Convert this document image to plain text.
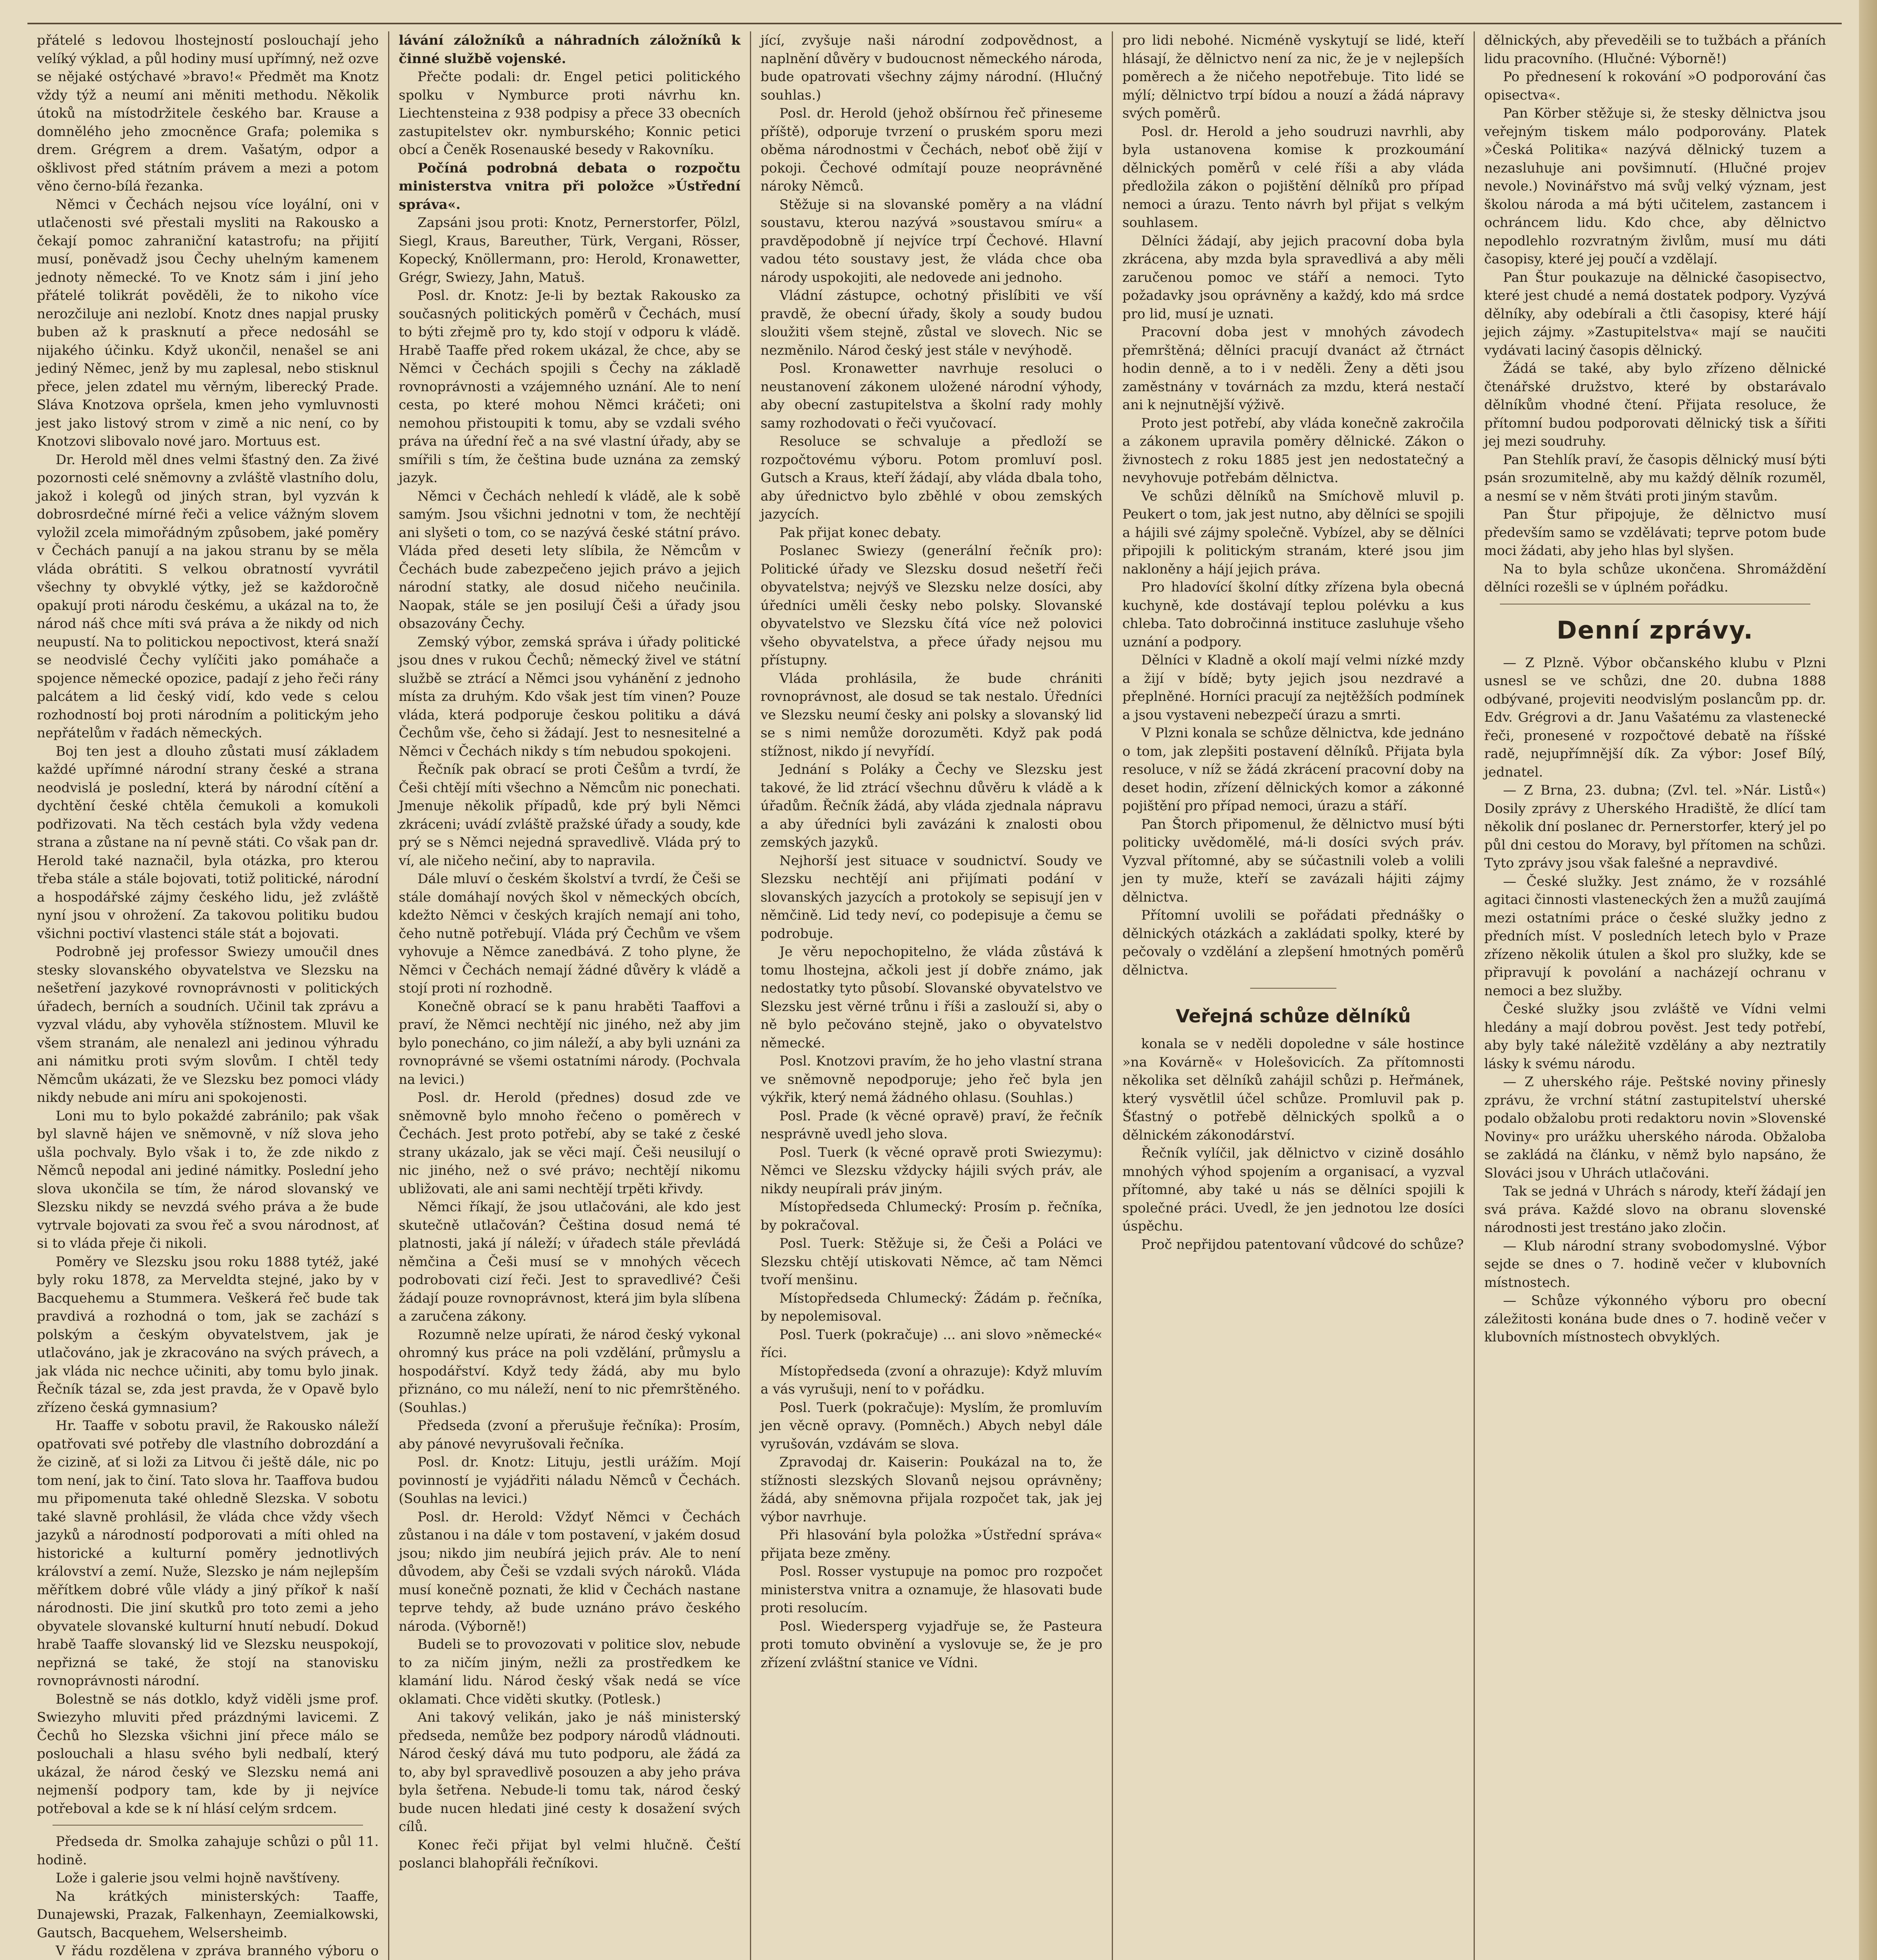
přátelé s ledovou lhostejností poslouchají jeho velíký výklad, a půl hodiny musí upřímný, než ozve se nějaké ostýchavé »bravo!« Předmět ma Knotz vždy týž a neumí ani měniti methodu. Několik útoků na místodržitele českého bar. Krause a domnělého jeho zmocněnce Grafa; polemika s drem. Grégrem a drem. Vašatým, odpor a ošklivost před státním právem a mezi a potom věno černo-bílá řezanka.

Němci v Čechách nejsou více loyální, oni v utlačenosti své přestali mysliti na Rakousko a čekají pomoc zahraniční katastrofu; na přijití musí, poněvadž jsou Čechy uhelným kamenem jednoty německé. To ve Knotz sám i jiní jeho přátelé tolikrát pověděli, že to nikoho více nerozčiluje ani nezlobí. Knotz dnes napjal prusky buben až k prasknutí a přece nedosáhl se nijakého účinku. Když ukončil, nenašel se ani jediný Němec, jenž by mu zaplesal, nebo stisknul přece, jelen zdatel mu věrným, liberecký Prade. Sláva Knotzova opršela, kmen jeho vymluvnosti jest jako listový strom v zimě a nic není, co by Knotzovi slibovalo nové jaro. Mortuus est.

Dr. Herold měl dnes velmi šťastný den. Za živé pozornosti celé sněmovny a zvláště vlastního dolu, jakož i kolegů od jiných stran, byl vyzván k dobrosrdečné mírné řeči a velice vážným slovem vyložil zcela mimořádným způsobem, jaké poměry v Čechách panují a na jakou stranu by se měla vláda obrátiti. S velkou obratností vyvrátil všechny ty obvyklé výtky, jež se každoročně opakují proti národu českému, a ukázal na to, že národ náš chce míti svá práva a že nikdy od nich neupustí. Na to politickou nepoctivost, která snaží se neodvislé Čechy vylíčiti jako pomáhače a spojence německé opozice, padají z jeho řeči rány palcátem a lid český vidí, kdo vede s celou rozhodností boj proti národním a politickým jeho nepřátelům v řadách německých.

Boj ten jest a dlouho zůstati musí základem každé upřímné národní strany české a strana neodvislá je poslední, která by národní cítění a dychtění české chtěla čemukoli a komukoli podřizovati. Na těch cestách byla vždy vedena strana a zůstane na ní pevně státi. Co však pan dr. Herold také naznačil, byla otázka, pro kterou třeba stále a stále bojovati, totiž politické, národní a hospodářské zájmy českého lidu, jež zvláště nyní jsou v ohrožení. Za takovou politiku budou všichni poctiví vlastenci stále stát a bojovati.

Podrobně jej professor Swiezy umoučil dnes stesky slovanského obyvatelstva ve Slezsku na nešetření jazykové rovnoprávnosti v politických úřadech, berních a soudních. Učinil tak zprávu a vyzval vládu, aby vyhověla stížnostem. Mluvil ke všem stranám, ale nenalezl ani jedinou výhradu ani námitku proti svým slovům. I chtěl tedy Němcům ukázati, že ve Slezsku bez pomoci vlády nikdy nebude ani míru ani spokojenosti.

Loni mu to bylo pokaždé zabránilo; pak však byl slavně hájen ve sněmovně, v níž slova jeho ušla pochvaly. Bylo však i to, že zde nikdo z Němců nepodal ani jediné námitky. Poslední jeho slova ukončila se tím, že národ slovanský ve Slezsku nikdy se nevzdá svého práva a že bude vytrvale bojovati za svou řeč a svou národnost, ať si to vláda přeje či nikoli.

Poměry ve Slezsku jsou roku 1888 tytéž, jaké byly roku 1878, za Merveldta stejné, jako by v Bacquehemu a Stummera. Veškerá řeč bude tak pravdivá a rozhodná o tom, jak se zachází s polským a českým obyvatelstvem, jak je utlačováno, jak je zkracováno na svých právech, a jak vláda nic nechce učiniti, aby tomu bylo jinak. Řečník tázal se, zda jest pravda, že v Opavě bylo zřízeno česká gymnasium?

Hr. Taaffe v sobotu pravil, že Rakousko náleží opatřovati své potřeby dle vlastního dobrozdání a že cizině, ať si loži za Litvou či ještě dále, nic po tom není, jak to činí. Tato slova hr. Taaffova budou mu připomenuta také ohledně Slezska. V sobotu také slavně prohlásil, že vláda chce vždy všech jazyků a národností podporovati a míti ohled na historické a kulturní poměry jednotlivých království a zemí. Nuže, Slezsko je nám nejlepším měřítkem dobré vůle vlády a jiný příkoř k naší národnosti. Die jiní skutků pro toto zemi a jeho obyvatele slovanské kulturní hnutí nebudí. Dokud hrabě Taaffe slovanský lid ve Slezsku neuspokojí, nepřizná se také, že stojí na stanovisku rovnoprávnosti národní.

Bolestně se nás dotklo, když viděli jsme prof. Swiezyho mluviti před prázdnými lavicemi. Z Čechů ho Slezska všichni jiní přece málo se poslouchali a hlasu svého byli nedbalí, který ukázal, že národ český ve Slezsku nemá ani nejmenší podpory tam, kde by ji nejvíce potřeboval a kde se k ní hlásí celým srdcem.

Předseda dr. Smolka zahajuje schůzi o půl 11. hodině.

Lože i galerie jsou velmi hojně navštíveny.

Na krátkých ministerských: Taaffe, Dunajewski, Prazak, Falkenhayn, Zeemialkowski, Gautsch, Bacquehem, Welsersheimb.

V řádu rozdělena v zpráva branného výboru o

lávání záložníků a náhradních záložníků k činné službě vojenské.

Přečte podali: dr. Engel petici politického spolku v Nymburce proti návrhu kn. Liechtensteina z 938 podpisy a přece 33 obecních zastupitelstev okr. nymburského; Konnic petici obcí a Čeněk Rosenauské besedy v Rakovníku.

Počíná podrobná debata o rozpočtu ministerstva vnitra při položce »Ústřední správa«.

Zapsáni jsou proti: Knotz, Pernerstorfer, Pölzl, Siegl, Kraus, Bareuther, Türk, Vergani, Rösser, Kopecký, Knöllermann, pro: Herold, Kronawetter, Grégr, Swiezy, Jahn, Matuš.

Posl. dr. Knotz: Je-li by beztak Rakousko za současných politických poměrů v Čechách, musí to býti zřejmě pro ty, kdo stojí v odporu k vládě. Hrabě Taaffe před rokem ukázal, že chce, aby se Němci v Čechách spojili s Čechy na základě rovnoprávnosti a vzájemného uznání. Ale to není cesta, po které mohou Němci kráčeti; oni nemohou přistoupiti k tomu, aby se vzdali svého práva na úřední řeč a na své vlastní úřady, aby se smířili s tím, že čeština bude uznána za zemský jazyk.

Němci v Čechách nehledí k vládě, ale k sobě samým. Jsou všichni jednotni v tom, že nechtějí ani slyšeti o tom, co se nazývá české státní právo. Vláda před deseti lety slíbila, že Němcům v Čechách bude zabezpečeno jejich právo a jejich národní statky, ale dosud ničeho neučinila. Naopak, stále se jen posilují Češi a úřady jsou obsazovány Čechy.

Zemský výbor, zemská správa i úřady politické jsou dnes v rukou Čechů; německý živel ve státní službě se ztrácí a Němci jsou vyhánění z jednoho místa za druhým. Kdo však jest tím vinen? Pouze vláda, která podporuje českou politiku a dává Čechům vše, čeho si žádají. Jest to nesnesitelné a Němci v Čechách nikdy s tím nebudou spokojeni.

Řečník pak obrací se proti Češům a tvrdí, že Češi chtějí míti všechno a Němcům nic ponechati. Jmenuje několik případů, kde prý byli Němci zkráceni; uvádí zvláště pražské úřady a soudy, kde prý se s Němci nejedná spravedlivě. Vláda prý to ví, ale ničeho nečiní, aby to napravila.

Dále mluví o českém školství a tvrdí, že Češi se stále domáhají nových škol v německých obcích, kdežto Němci v českých krajích nemají ani toho, čeho nutně potřebují. Vláda prý Čechům ve všem vyhovuje a Němce zanedbává. Z toho plyne, že Němci v Čechách nemají žádné důvěry k vládě a stojí proti ní rozhodně.

Konečně obrací se k panu hraběti Taaffovi a praví, že Němci nechtějí nic jiného, než aby jim bylo ponecháno, co jim náleží, a aby byli uznáni za rovnoprávné se všemi ostatními národy. (Pochvala na levici.)

Posl. dr. Herold (přednes) dosud zde ve sněmovně bylo mnoho řečeno o poměrech v Čechách. Jest proto potřebí, aby se také z české strany ukázalo, jak se věci mají. Češi neusilují o nic jiného, než o své právo; nechtějí nikomu ubližovati, ale ani sami nechtějí trpěti křivdy.

Němci říkají, že jsou utlačováni, ale kdo jest skutečně utlačován? Čeština dosud nemá té platnosti, jaká jí náleží; v úřadech stále převládá němčina a Češi musí se v mnohých věcech podrobovati cizí řeči. Jest to spravedlivé? Češi žádají pouze rovnoprávnost, která jim byla slíbena a zaručena zákony.

Rozumně nelze upírati, že národ český vykonal ohromný kus práce na poli vzdělání, průmyslu a hospodářství. Když tedy žádá, aby mu bylo přiznáno, co mu náleží, není to nic přemrštěného. (Souhlas.)

Předseda (zvoní a přerušuje řečníka): Prosím, aby pánové nevyrušovali řečníka.

Posl. dr. Knotz: Lituju, jestli urážím. Mojí povinností je vyjádřiti náladu Němců v Čechách. (Souhlas na levici.)

Posl. dr. Herold: Vždyť Němci v Čechách zůstanou i na dále v tom postavení, v jakém dosud jsou; nikdo jim neubírá jejich práv. Ale to není důvodem, aby Češi se vzdali svých nároků. Vláda musí konečně poznati, že klid v Čechách nastane teprve tehdy, až bude uznáno právo českého národa. (Výborně!)

Budeli se to provozovati v politice slov, nebude to za ničím jiným, nežli za prostředkem ke klamání lidu. Národ český však nedá se více oklamati. Chce viděti skutky. (Potlesk.)

Ani takový velikán, jako je náš ministerský předseda, nemůže bez podpory národů vládnouti. Národ český dává mu tuto podporu, ale žádá za to, aby byl spravedlivě posouzen a aby jeho práva byla šetřena. Nebude-li tomu tak, národ český bude nucen hledati jiné cesty k dosažení svých cílů.

Konec řeči přijat byl velmi hlučně. Čeští poslanci blahopřáli řečníkovi.

jící, zvyšuje naši národní zodpovědnost, a naplnění důvěry v budoucnost německého národa, bude opatrovati všechny zájmy národní. (Hlučný souhlas.)

Posl. dr. Herold (jehož obšírnou řeč přineseme příště), odporuje tvrzení o pruském sporu mezi oběma národnostmi v Čechách, neboť obě žijí v pokoji. Čechové odmítají pouze neoprávněné nároky Němců.

Stěžuje si na slovanské poměry a na vládní soustavu, kterou nazývá »soustavou smíru« a pravděpodobně jí nejvíce trpí Čechové. Hlavní vadou této soustavy jest, že vláda chce oba národy uspokojiti, ale nedovede ani jednoho.

Vládní zástupce, ochotný přislíbiti ve vší pravdě, že obecní úřady, školy a soudy budou sloužiti všem stejně, zůstal ve slovech. Nic se nezměnilo. Národ český jest stále v nevýhodě.

Posl. Kronawetter navrhuje resoluci o neustanovení zákonem uložené národní výhody, aby obecní zastupitelstva a školní rady mohly samy rozhodovati o řeči vyučovací.

Resoluce se schvaluje a předloží se rozpočtovému výboru. Potom promluví posl. Gutsch a Kraus, kteří žádají, aby vláda dbala toho, aby úřednictvo bylo zběhlé v obou zemských jazycích.

Pak přijat konec debaty.

Poslanec Swiezy (generální řečník pro): Politické úřady ve Slezsku dosud nešetří řeči obyvatelstva; nejvýš ve Slezsku nelze dosíci, aby úředníci uměli česky nebo polsky. Slovanské obyvatelstvo ve Slezsku čítá více než polovici všeho obyvatelstva, a přece úřady nejsou mu přístupny.

Vláda prohlásila, že bude chrániti rovnoprávnost, ale dosud se tak nestalo. Úředníci ve Slezsku neumí česky ani polsky a slovanský lid se s nimi nemůže dorozuměti. Když pak podá stížnost, nikdo jí nevyřídí.

Jednání s Poláky a Čechy ve Slezsku jest takové, že lid ztrácí všechnu důvěru k vládě a k úřadům. Řečník žádá, aby vláda zjednala nápravu a aby úředníci byli zavázáni k znalosti obou zemských jazyků.

Nejhorší jest situace v soudnictví. Soudy ve Slezsku nechtějí ani přijímati podání v slovanských jazycích a protokoly se sepisují jen v němčině. Lid tedy neví, co podepisuje a čemu se podrobuje.

Je věru nepochopitelno, že vláda zůstává k tomu lhostejna, ačkoli jest jí dobře známo, jak nedostatky tyto působí. Slovanské obyvatelstvo ve Slezsku jest věrné trůnu i říši a zaslouží si, aby o ně bylo pečováno stejně, jako o obyvatelstvo německé.

Posl. Knotzovi pravím, že ho jeho vlastní strana ve sněmovně nepodporuje; jeho řeč byla jen výkřik, který nemá žádného ohlasu. (Souhlas.)

Posl. Prade (k věcné opravě) praví, že řečník nesprávně uvedl jeho slova.

Posl. Tuerk (k věcné opravě proti Swiezymu): Němci ve Slezsku vždycky hájili svých práv, ale nikdy neupírali práv jiným.

Místopředseda Chlumecký: Prosím p. řečníka, by pokračoval.

Posl. Tuerk: Stěžuje si, že Češi a Poláci ve Slezsku chtějí utiskovati Němce, ač tam Němci tvoří menšinu.

Místopředseda Chlumecký: Žádám p. řečníka, by nepolemisoval.

Posl. Tuerk (pokračuje) ... ani slovo »německé« říci.

Místopředseda (zvoní a ohrazuje): Když mluvím a vás vyrušuji, není to v pořádku.

Posl. Tuerk (pokračuje): Myslím, že promluvím jen věcně opravy. (Pomněch.) Abych nebyl dále vyrušován, vzdávám se slova.

Zpravodaj dr. Kaiserin: Poukázal na to, že stížnosti slezských Slovanů nejsou oprávněny; žádá, aby sněmovna přijala rozpočet tak, jak jej výbor navrhuje.

Při hlasování byla položka »Ústřední správa« přijata beze změny.

Posl. Rosser vystupuje na pomoc pro rozpočet ministerstva vnitra a oznamuje, že hlasovati bude proti resolucím.

Posl. Wiedersperg vyjadřuje se, že Pasteura proti tomuto obvinění a vyslovuje se, že je pro zřízení zvláštní stanice ve Vídni.

pro lidi nebohé. Nicméně vyskytují se lidé, kteří hlásají, že dělnictvo není za nic, že je v nejlepších poměrech a že ničeho nepotřebuje. Tito lidé se mýlí; dělnictvo trpí bídou a nouzí a žádá nápravy svých poměrů.

Posl. dr. Herold a jeho soudruzi navrhli, aby byla ustanovena komise k prozkoumání dělnických poměrů v celé říši a aby vláda předložila zákon o pojištění dělníků pro případ nemoci a úrazu. Tento návrh byl přijat s velkým souhlasem.

Dělníci žádají, aby jejich pracovní doba byla zkrácena, aby mzda byla spravedlivá a aby měli zaručenou pomoc ve stáří a nemoci. Tyto požadavky jsou oprávněny a každý, kdo má srdce pro lid, musí je uznati.

Pracovní doba jest v mnohých závodech přemrštěná; dělníci pracují dvanáct až čtrnáct hodin denně, a to i v neděli. Ženy a děti jsou zaměstnány v továrnách za mzdu, která nestačí ani k nejnutnější výživě.

Proto jest potřebí, aby vláda konečně zakročila a zákonem upravila poměry dělnické. Zákon o živnostech z roku 1885 jest jen nedostatečný a nevyhovuje potřebám dělnictva.

Ve schůzi dělníků na Smíchově mluvil p. Peukert o tom, jak jest nutno, aby dělníci se spojili a hájili své zájmy společně. Vybízel, aby se dělníci připojili k politickým stranám, které jsou jim nakloněny a hájí jejich práva.

Pro hladovící školní dítky zřízena byla obecná kuchyně, kde dostávají teplou polévku a kus chleba. Tato dobročinná instituce zasluhuje všeho uznání a podpory.

Dělníci v Kladně a okolí mají velmi nízké mzdy a žijí v bídě; byty jejich jsou nezdravé a přeplněné. Horníci pracují za nejtěžších podmínek a jsou vystaveni nebezpečí úrazu a smrti.

V Plzni konala se schůze dělnictva, kde jednáno o tom, jak zlepšiti postavení dělníků. Přijata byla resoluce, v níž se žádá zkrácení pracovní doby na deset hodin, zřízení dělnických komor a zákonné pojištění pro případ nemoci, úrazu a stáří.

Pan Štorch připomenul, že dělnictvo musí býti politicky uvědomělé, má-li dosíci svých práv. Vyzval přítomné, aby se súčastnili voleb a volili jen ty muže, kteří se zavázali hájiti zájmy dělnictva.

Přítomní uvolili se pořádati přednášky o dělnických otázkách a zakládati spolky, které by pečovaly o vzdělání a zlepšení hmotných poměrů dělnictva.

Veřejná schůze dělníků

konala se v neděli dopoledne v sále hostince »na Kovárně« v Holešovicích. Za přítomnosti několika set dělníků zahájil schůzi p. Heřmánek, který vysvětlil účel schůze. Promluvil pak p. Šťastný o potřebě dělnických spolků a o dělnickém zákonodárství.

Řečník vylíčil, jak dělnictvo v cizině dosáhlo mnohých výhod spojením a organisací, a vyzval přítomné, aby také u nás se dělníci spojili k společné práci. Uvedl, že jen jednotou lze dosíci úspěchu.

Proč nepřijdou patentovaní vůdcové do schůze?

dělnických, aby převeděili se to tužbách a přáních lidu pracovního. (Hlučné: Výborně!)

Po přednesení k rokování »O podporování čas opisectva«.

Pan Körber stěžuje si, že stesky dělnictva jsou veřejným tiskem málo podporovány. Platek »Česká Politika« nazývá dělnický tuzem a nezasluhuje ani povšimnutí. (Hlučné projev nevole.) Novinářstvo má svůj velký význam, jest školou národa a má býti učitelem, zastancem i ochráncem lidu. Kdo chce, aby dělnictvo nepodlehlo rozvratným živlům, musí mu dáti časopisy, které jej poučí a vzdělají.

Pan Štur poukazuje na dělnické časopisectvo, které jest chudé a nemá dostatek podpory. Vyzývá dělníky, aby odebírali a čtli časopisy, které hájí jejich zájmy. »Zastupitelstva« mají se naučiti vydávati laciný časopis dělnický.

Žádá se také, aby bylo zřízeno dělnické čtenářské družstvo, které by obstarávalo dělníkům vhodné čtení. Přijata resoluce, že přítomní budou podporovati dělnický tisk a šířiti jej mezi soudruhy.

Pan Stehlík praví, že časopis dělnický musí býti psán srozumitelně, aby mu každý dělník rozuměl, a nesmí se v něm štváti proti jiným stavům.

Pan Štur připojuje, že dělnictvo musí především samo se vzdělávati; teprve potom bude moci žádati, aby jeho hlas byl slyšen.

Na to byla schůze ukončena. Shromáždění dělníci rozešli se v úplném pořádku.

Denní zprávy.

— Z Plzně. Výbor občanského klubu v Plzni usnesl se ve schůzi, dne 20. dubna 1888 odbývané, projeviti neodvislým poslancům pp. dr. Edv. Grégrovi a dr. Janu Vašatému za vlastenecké řeči, pronesené v rozpočtové debatě na říšské radě, nejupřímnější dík. Za výbor: Josef Bílý, jednatel.

— Z Brna, 23. dubna; (Zvl. tel. »Nár. Listů«) Dosily zprávy z Uherského Hradiště, že dlící tam několik dní poslanec dr. Pernerstorfer, který jel po půl dni cestou do Moravy, byl přítomen na schůzi. Tyto zprávy jsou však falešné a nepravdivé.

— České služky. Jest známo, že v rozsáhlé agitaci činnosti vlasteneckých žen a mužů zaujímá mezi ostatními práce o české služky jedno z předních míst. V posledních letech bylo v Praze zřízeno několik útulen a škol pro služky, kde se připravují k povolání a nacházejí ochranu v nemoci a bez služby.

České služky jsou zvláště ve Vídni velmi hledány a mají dobrou pověst. Jest tedy potřebí, aby byly také náležitě vzdělány a aby neztratily lásky k svému národu.

— Z uherského ráje. Peštské noviny přinesly zprávu, že vrchní státní zastupitelství uherské podalo obžalobu proti redaktoru novin »Slovenské Noviny« pro urážku uherského národa. Obžaloba se zakládá na článku, v němž bylo napsáno, že Slováci jsou v Uhrách utlačováni.

Tak se jedná v Uhrách s národy, kteří žádají jen svá práva. Každé slovo na obranu slovenské národnosti jest trestáno jako zločin.

— Klub národní strany svobodomyslné. Výbor sejde se dnes o 7. hodině večer v klubovních místnostech.

— Schůze výkonného výboru pro obecní záležitosti konána bude dnes o 7. hodině večer v klubovních místnostech obvyklých.
